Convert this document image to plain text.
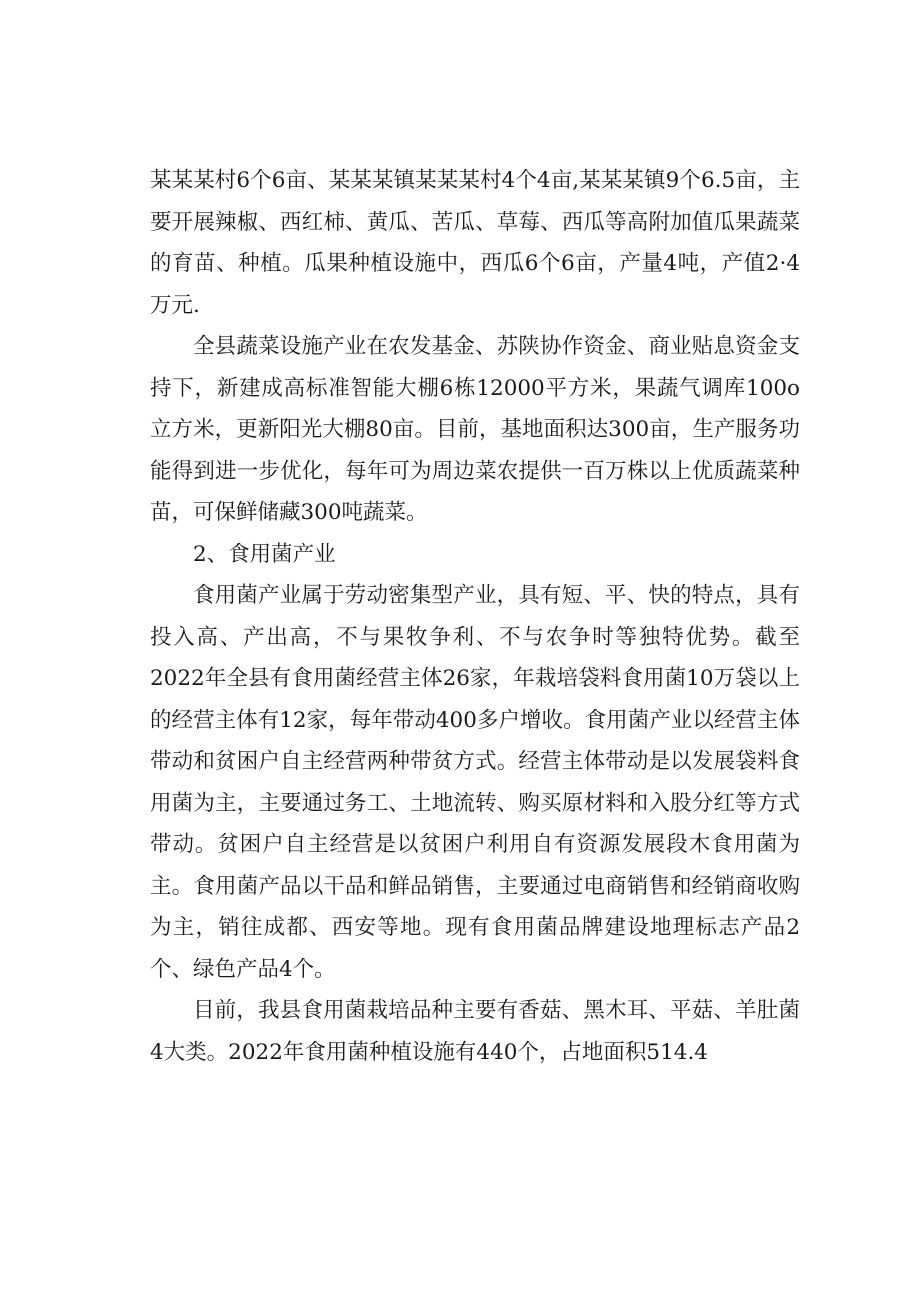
某某某村6个6亩、某某某镇某某某村4个4亩,某某某镇9个6.5亩，主要开展辣椒、西红柿、黄瓜、苦瓜、草莓、西瓜等高附加值瓜果蔬菜的育苗、种植。瓜果种植设施中，西瓜6个6亩，产量4吨，产值2·4万元.

全县蔬菜设施产业在农发基金、苏陕协作资金、商业贴息资金支持下，新建成高标准智能大棚6栋12000平方米，果蔬气调库100o立方米，更新阳光大棚80亩。目前，基地面积达300亩，生产服务功能得到进一步优化，每年可为周边菜农提供一百万株以上优质蔬菜种苗，可保鲜储藏300吨蔬菜。

2、食用菌产业

食用菌产业属于劳动密集型产业，具有短、平、快的特点，具有投入高、产出高，不与果牧争利、不与农争时等独特优势。截至2022年全县有食用菌经营主体26家，年栽培袋料食用菌10万袋以上的经营主体有12家，每年带动400多户增收。食用菌产业以经营主体带动和贫困户自主经营两种带贫方式。经营主体带动是以发展袋料食用菌为主，主要通过务工、土地流转、购买原材料和入股分红等方式带动。贫困户自主经营是以贫困户利用自有资源发展段木食用菌为主。食用菌产品以干品和鲜品销售，主要通过电商销售和经销商收购为主，销往成都、西安等地。现有食用菌品牌建设地理标志产品2个、绿色产品4个。

目前，我县食用菌栽培品种主要有香菇、黑木耳、平菇、羊肚菌4大类。2022年食用菌种植设施有440个，占地面积514.4
